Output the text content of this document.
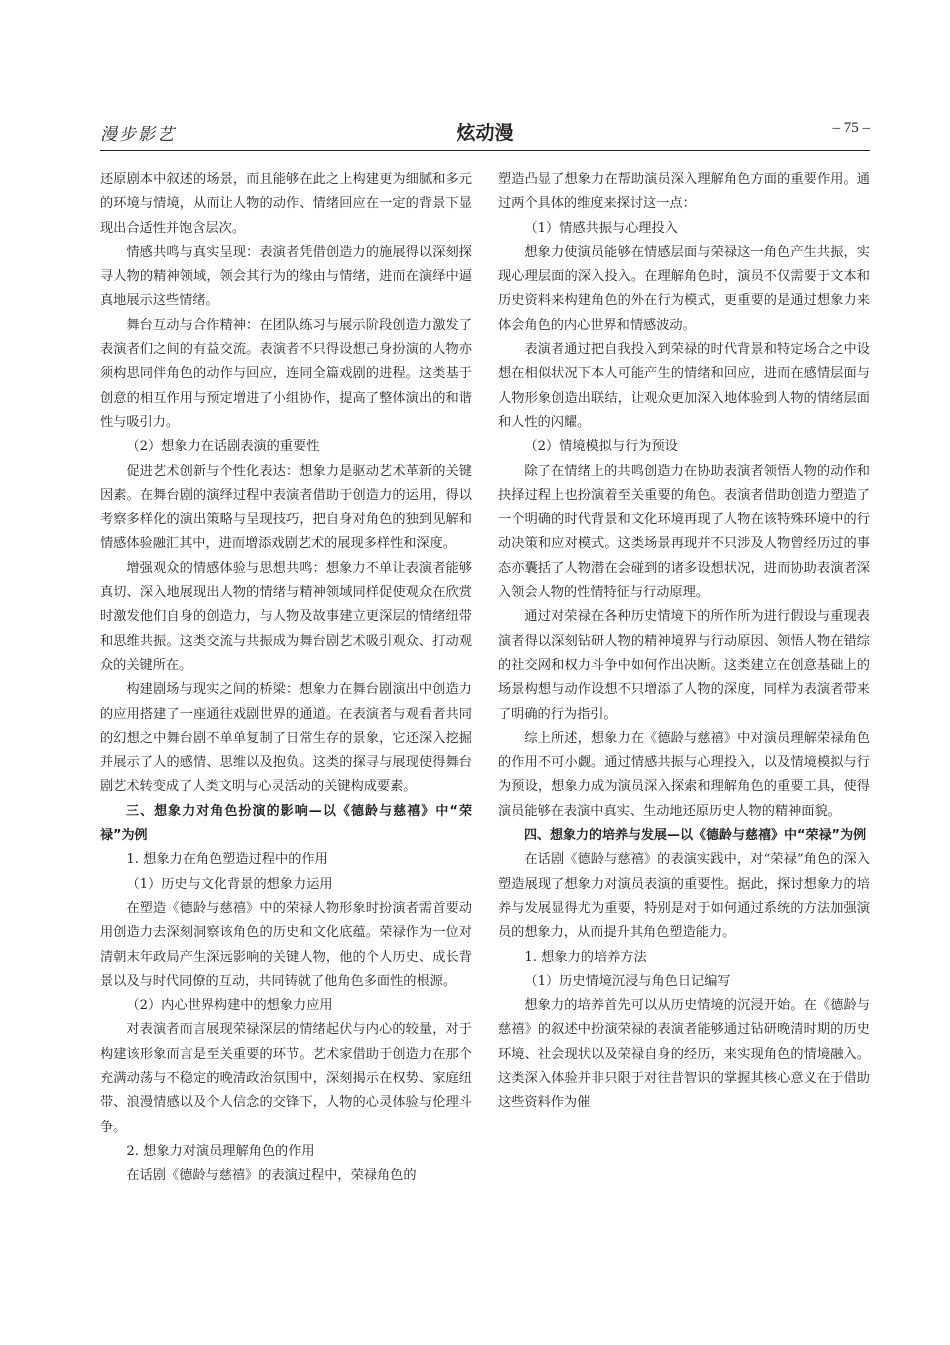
漫步影艺	炫动漫	– 75 –

还原剧本中叙述的场景，而且能够在此之上构建更为细腻和多元的环境与情境，从而让人物的动作、情绪回应在一定的背景下显现出合适性并饱含层次。

情感共鸣与真实呈现：表演者凭借创造力的施展得以深刻探寻人物的精神领域，领会其行为的缘由与情绪，进而在演绎中逼真地展示这些情绪。

舞台互动与合作精神：在团队练习与展示阶段创造力激发了表演者们之间的有益交流。表演者不只得设想己身扮演的人物亦须构思同伴角色的动作与回应，连同全篇戏剧的进程。这类基于创意的相互作用与预定增进了小组协作，提高了整体演出的和谐性与吸引力。

（2）想象力在话剧表演的重要性

促进艺术创新与个性化表达：想象力是驱动艺术革新的关键因素。在舞台剧的演绎过程中表演者借助于创造力的运用，得以考察多样化的演出策略与呈现技巧，把自身对角色的独到见解和情感体验融汇其中，进而增添戏剧艺术的展现多样性和深度。

增强观众的情感体验与思想共鸣：想象力不单让表演者能够真切、深入地展现出人物的情绪与精神领域同样促使观众在欣赏时激发他们自身的创造力，与人物及故事建立更深层的情绪纽带和思维共振。这类交流与共振成为舞台剧艺术吸引观众、打动观众的关键所在。

构建剧场与现实之间的桥梁：想象力在舞台剧演出中创造力的应用搭建了一座通往戏剧世界的通道。在表演者与观看者共同的幻想之中舞台剧不单单复制了日常生存的景象，它还深入挖掘并展示了人的感情、思维以及抱负。这类的探寻与展现使得舞台剧艺术转变成了人类文明与心灵活动的关键构成要素。

三、想象力对角色扮演的影响—以《德龄与慈禧》中“荣禄”为例

1. 想象力在角色塑造过程中的作用

（1）历史与文化背景的想象力运用

在塑造《德龄与慈禧》中的荣禄人物形象时扮演者需首要动用创造力去深刻洞察该角色的历史和文化底蕴。荣禄作为一位对清朝末年政局产生深远影响的关键人物，他的个人历史、成长背景以及与时代同僚的互动，共同铸就了他角色多面性的根源。

（2）内心世界构建中的想象力应用

对表演者而言展现荣禄深层的情绪起伏与内心的较量，对于构建该形象而言是至关重要的环节。艺术家借助于创造力在那个充满动荡与不稳定的晚清政治氛围中，深刻揭示在权势、家庭纽带、浪漫情感以及个人信念的交锋下，人物的心灵体验与伦理斗争。

2. 想象力对演员理解角色的作用

在话剧《德龄与慈禧》的表演过程中，荣禄角色的

塑造凸显了想象力在帮助演员深入理解角色方面的重要作用。通过两个具体的维度来探讨这一点：

（1）情感共振与心理投入

想象力使演员能够在情感层面与荣禄这一角色产生共振，实现心理层面的深入投入。在理解角色时，演员不仅需要于文本和历史资料来构建角色的外在行为模式，更重要的是通过想象力来体会角色的内心世界和情感波动。

表演者通过把自我投入到荣禄的时代背景和特定场合之中设想在相似状况下本人可能产生的情绪和回应，进而在感情层面与人物形象创造出联结，让观众更加深入地体验到人物的情绪层面和人性的闪耀。

（2）情境模拟与行为预设

除了在情绪上的共鸣创造力在协助表演者领悟人物的动作和抉择过程上也扮演着至关重要的角色。表演者借助创造力塑造了一个明确的时代背景和文化环境再现了人物在该特殊环境中的行动决策和应对模式。这类场景再现并不只涉及人物曾经历过的事态亦囊括了人物潜在会碰到的诸多设想状况，进而协助表演者深入领会人物的性情特征与行动原理。

通过对荣禄在各种历史情境下的所作所为进行假设与重现表演者得以深刻钻研人物的精神境界与行动原因、领悟人物在错综的社交网和权力斗争中如何作出决断。这类建立在创意基础上的场景构想与动作设想不只增添了人物的深度，同样为表演者带来了明确的行为指引。

综上所述，想象力在《德龄与慈禧》中对演员理解荣禄角色的作用不可小觑。通过情感共振与心理投入，以及情境模拟与行为预设，想象力成为演员深入探索和理解角色的重要工具，使得演员能够在表演中真实、生动地还原历史人物的精神面貌。

四、想象力的培养与发展—以《德龄与慈禧》中“荣禄”为例

在话剧《德龄与慈禧》的表演实践中，对“荣禄”角色的深入塑造展现了想象力对演员表演的重要性。据此，探讨想象力的培养与发展显得尤为重要，特别是对于如何通过系统的方法加强演员的想象力，从而提升其角色塑造能力。

1. 想象力的培养方法

（1）历史情境沉浸与角色日记编写

想象力的培养首先可以从历史情境的沉浸开始。在《德龄与慈禧》的叙述中扮演荣禄的表演者能够通过钻研晚清时期的历史环境、社会现状以及荣禄自身的经历，来实现角色的情境融入。这类深入体验并非只限于对往昔智识的掌握其核心意义在于借助这些资料作为催
